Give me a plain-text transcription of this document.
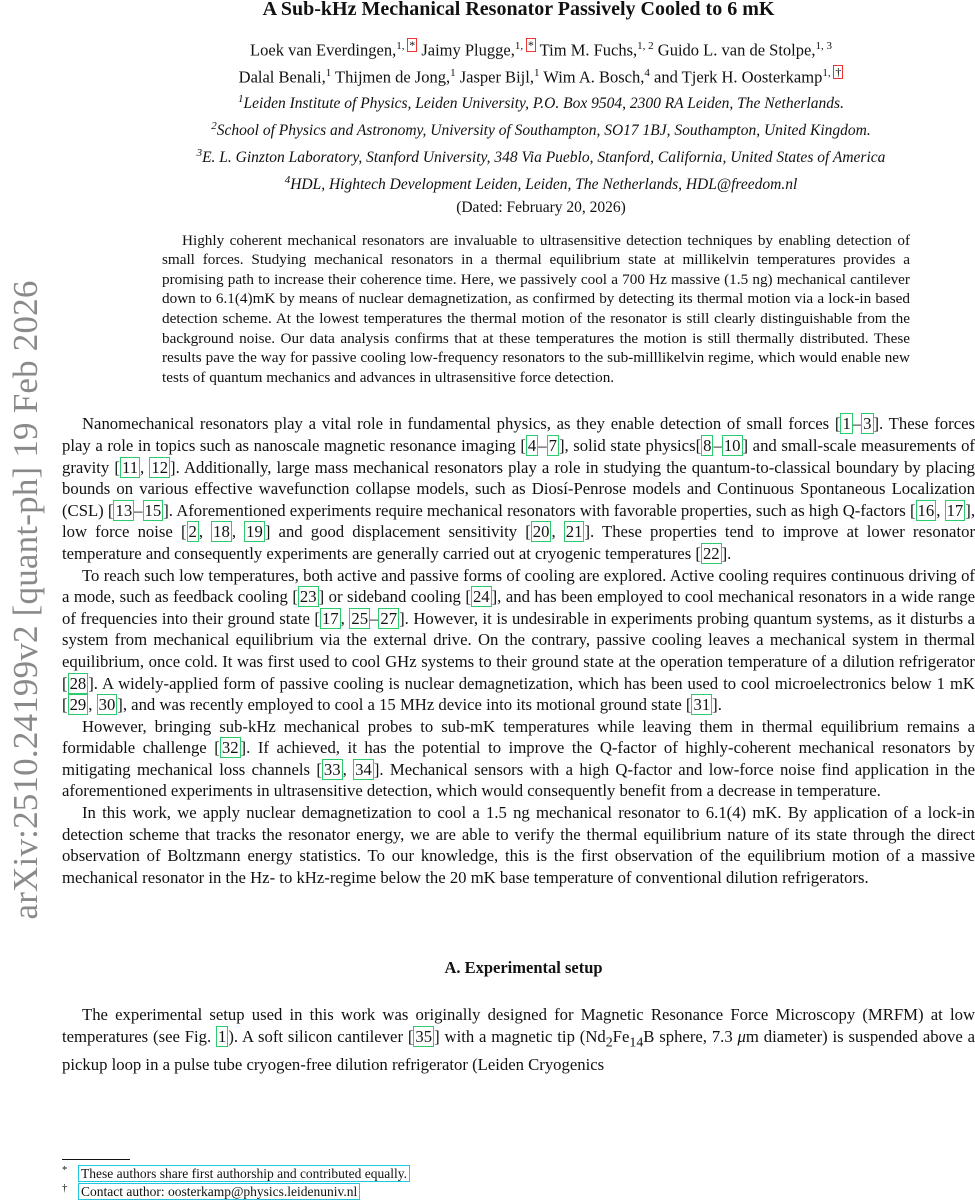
arXiv:2510.24199v2 [quant-ph] 19 Feb 2026
A Sub-kHz Mechanical Resonator Passively Cooled to 6 mK
Loek van Everdingen,$^{1,}$ * Jaimy Plugge,$^{1,}$ * Tim M. Fuchs,$^{1, 2}$ Guido L. van de Stolpe,$^{1, 3}$
Dalal Benali,$^1$ Thijmen de Jong,$^1$ Jasper Bijl,$^1$ Wim A. Bosch,$^4$ and Tjerk H. Oosterkamp$^{1,}$ †
$^1$Leiden Institute of Physics, Leiden University, P.O. Box 9504, 2300 RA Leiden, The Netherlands.
$^2$School of Physics and Astronomy, University of Southampton, SO17 1BJ, Southampton, United Kingdom.
$^3$E. L. Ginzton Laboratory, Stanford University, 348 Via Pueblo, Stanford, California, United States of America
$^4$HDL, Hightech Development Leiden, Leiden, The Netherlands, HDL@freedom.nl
(Dated: February 20, 2026)

Highly coherent mechanical resonators are invaluable to ultrasensitive detection techniques by enabling detection of small forces. Studying mechanical resonators in a thermal equilibrium state at millikelvin temperatures provides a promising path to increase their coherence time. Here, we passively cool a 700 Hz massive (1.5 ng) mechanical cantilever down to 6.1(4)mK by means of nuclear demagnetization, as confirmed by detecting its thermal motion via a lock-in based detection scheme. At the lowest temperatures the thermal motion of the resonator is still clearly distinguishable from the background noise. Our data analysis confirms that at these temperatures the motion is still thermally distributed. These results pave the way for passive cooling low-frequency resonators to the sub-milllikelvin regime, which would enable new tests of quantum mechanics and advances in ultrasensitive force detection.

Nanomechanical resonators play a vital role in fundamental physics, as they enable detection of small forces [ 1 – 3 ]. These forces play a role in topics such as nanoscale magnetic resonance imaging [ 4 – 7 ], solid state physics[ 8 – 10 ] and small-scale measurements of gravity [ 11 , 12 ]. Additionally, large mass mechanical resonators play a role in studying the quantum-to-classical boundary by placing bounds on various effective wavefunction collapse models, such as Diosí-Penrose models and Continuous Spontaneous Localization (CSL) [ 13 – 15 ]. Aforementioned experiments require mechanical resonators with favorable properties, such as high Q-factors [ 16 , 17 ], low force noise [ 2 , 18 , 19 ] and good displacement sensitivity [ 20 , 21 ]. These properties tend to improve at lower resonator temperature and consequently experiments are generally carried out at cryogenic temperatures [ 22 ].

To reach such low temperatures, both active and passive forms of cooling are explored. Active cooling requires continuous driving of a mode, such as feedback cooling [ 23 ] or sideband cooling [ 24 ], and has been employed to cool mechanical resonators in a wide range of frequencies into their ground state [ 17 , 25 – 27 ]. However, it is undesirable in experiments probing quantum systems, as it disturbs a system from mechanical equilibrium via the external drive. On the contrary, passive cooling leaves a mechanical system in thermal equilibrium, once cold. It was first used to cool GHz systems to their ground state at the operation temperature of a dilution refrigerator [ 28 ]. A widely-applied form of passive cooling is nuclear demagnetization, which has been used to cool microelectronics below 1 mK [ 29 , 30 ], and was recently employed to cool a 15 MHz device into its motional ground state [ 31 ].

However, bringing sub-kHz mechanical probes to sub-mK temperatures while leaving them in thermal equilibrium remains a formidable challenge [ 32 ]. If achieved, it has the potential to improve the Q-factor of highly-coherent mechanical resonators by mitigating mechanical loss channels [ 33 , 34 ]. Mechanical sensors with a high Q-factor and low-force noise find application in the aforementioned experiments in ultrasensitive detection, which would consequently benefit from a decrease in temperature.

In this work, we apply nuclear demagnetization to cool a 1.5 ng mechanical resonator to 6.1(4) mK. By application of a lock-in detection scheme that tracks the resonator energy, we are able to verify the thermal equilibrium nature of its state through the direct observation of Boltzmann energy statistics. To our knowledge, this is the first observation of the equilibrium motion of a massive mechanical resonator in the Hz- to kHz-regime below the 20 mK base temperature of conventional dilution refrigerators.

A. Experimental setup

The experimental setup used in this work was originally designed for Magnetic Resonance Force Microscopy (MRFM) at low temperatures (see Fig. 1 ). A soft silicon cantilever [ 35 ] with a magnetic tip ($Nd_2Fe_{14}B$ sphere, 7.3 μm diameter) is suspended above a pickup loop in a pulse tube cryogen-free dilution refrigerator (Leiden Cryogenics

* These authors share first authorship and contributed equally.
† Contact author: oosterkamp@physics.leidenuniv.nl
